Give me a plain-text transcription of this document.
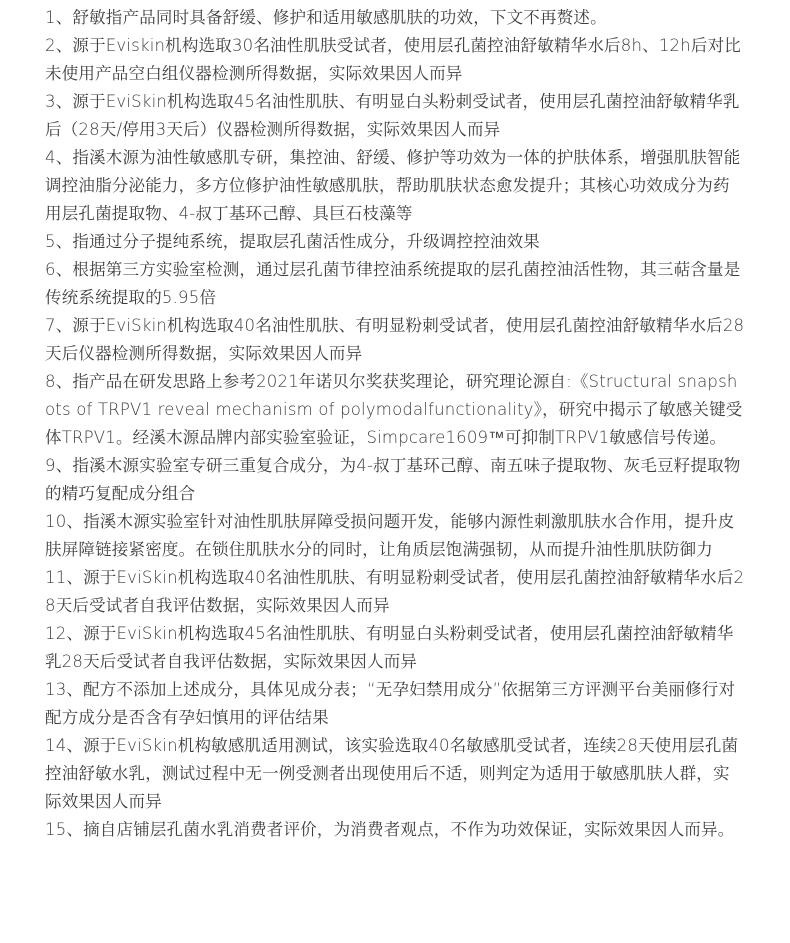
1、舒敏指产品同时具备舒缓、修护和适用敏感肌肤的功效，下文不再赘述。
2、源于Eviskin机构选取30名油性肌肤受试者，使用层孔菌控油舒敏精华水后8h、12h后对比未使用产品空白组仪器检测所得数据，实际效果因人而异
3、源于EviSkin机构选取45名油性肌肤、有明显白头粉刺受试者，使用层孔菌控油舒敏精华乳后（28天/停用3天后）仪器检测所得数据，实际效果因人而异
4、指溪木源为油性敏感肌专研，集控油、舒缓、修护等功效为一体的护肤体系，增强肌肤智能调控油脂分泌能力，多方位修护油性敏感肌肤，帮助肌肤状态愈发提升；其核心功效成分为药用层孔菌提取物、4-叔丁基环己醇、具巨石枝藻等
5、指通过分子提纯系统，提取层孔菌活性成分，升级调控控油效果
6、根据第三方实验室检测，通过层孔菌节律控油系统提取的层孔菌控油活性物，其三萜含量是传统系统提取的5.95倍
7、源于EviSkin机构选取40名油性肌肤、有明显粉刺受试者，使用层孔菌控油舒敏精华水后28天后仪器检测所得数据，实际效果因人而异
8、指产品在研发思路上参考2021年诺贝尔奖获奖理论，研究理论源自:《Structural snapshots of TRPV1 reveal mechanism of polymodalfunctionality》，研究中揭示了敏感关键受体TRPV1。经溪木源品牌内部实验室验证，Simpcare1609™可抑制TRPV1敏感信号传递。
9、指溪木源实验室专研三重复合成分，为4-叔丁基环己醇、南五味子提取物、灰毛豆籽提取物的精巧复配成分组合
10、指溪木源实验室针对油性肌肤屏障受损问题开发，能够内源性刺激肌肤水合作用，提升皮肤屏障链接紧密度。在锁住肌肤水分的同时，让角质层饱满强韧，从而提升油性肌肤防御力
11、源于EviSkin机构选取40名油性肌肤、有明显粉刺受试者，使用层孔菌控油舒敏精华水后28天后受试者自我评估数据，实际效果因人而异
12、源于EviSkin机构选取45名油性肌肤、有明显白头粉刺受试者，使用层孔菌控油舒敏精华乳28天后受试者自我评估数据，实际效果因人而异
13、配方不添加上述成分，具体见成分表；“无孕妇禁用成分”依据第三方评测平台美丽修行对配方成分是否含有孕妇慎用的评估结果
14、源于EviSkin机构敏感肌适用测试，该实验选取40名敏感肌受试者，连续28天使用层孔菌控油舒敏水乳，测试过程中无一例受测者出现使用后不适，则判定为适用于敏感肌肤人群，实际效果因人而异
15、摘自店铺层孔菌水乳消费者评价，为消费者观点，不作为功效保证，实际效果因人而异。
